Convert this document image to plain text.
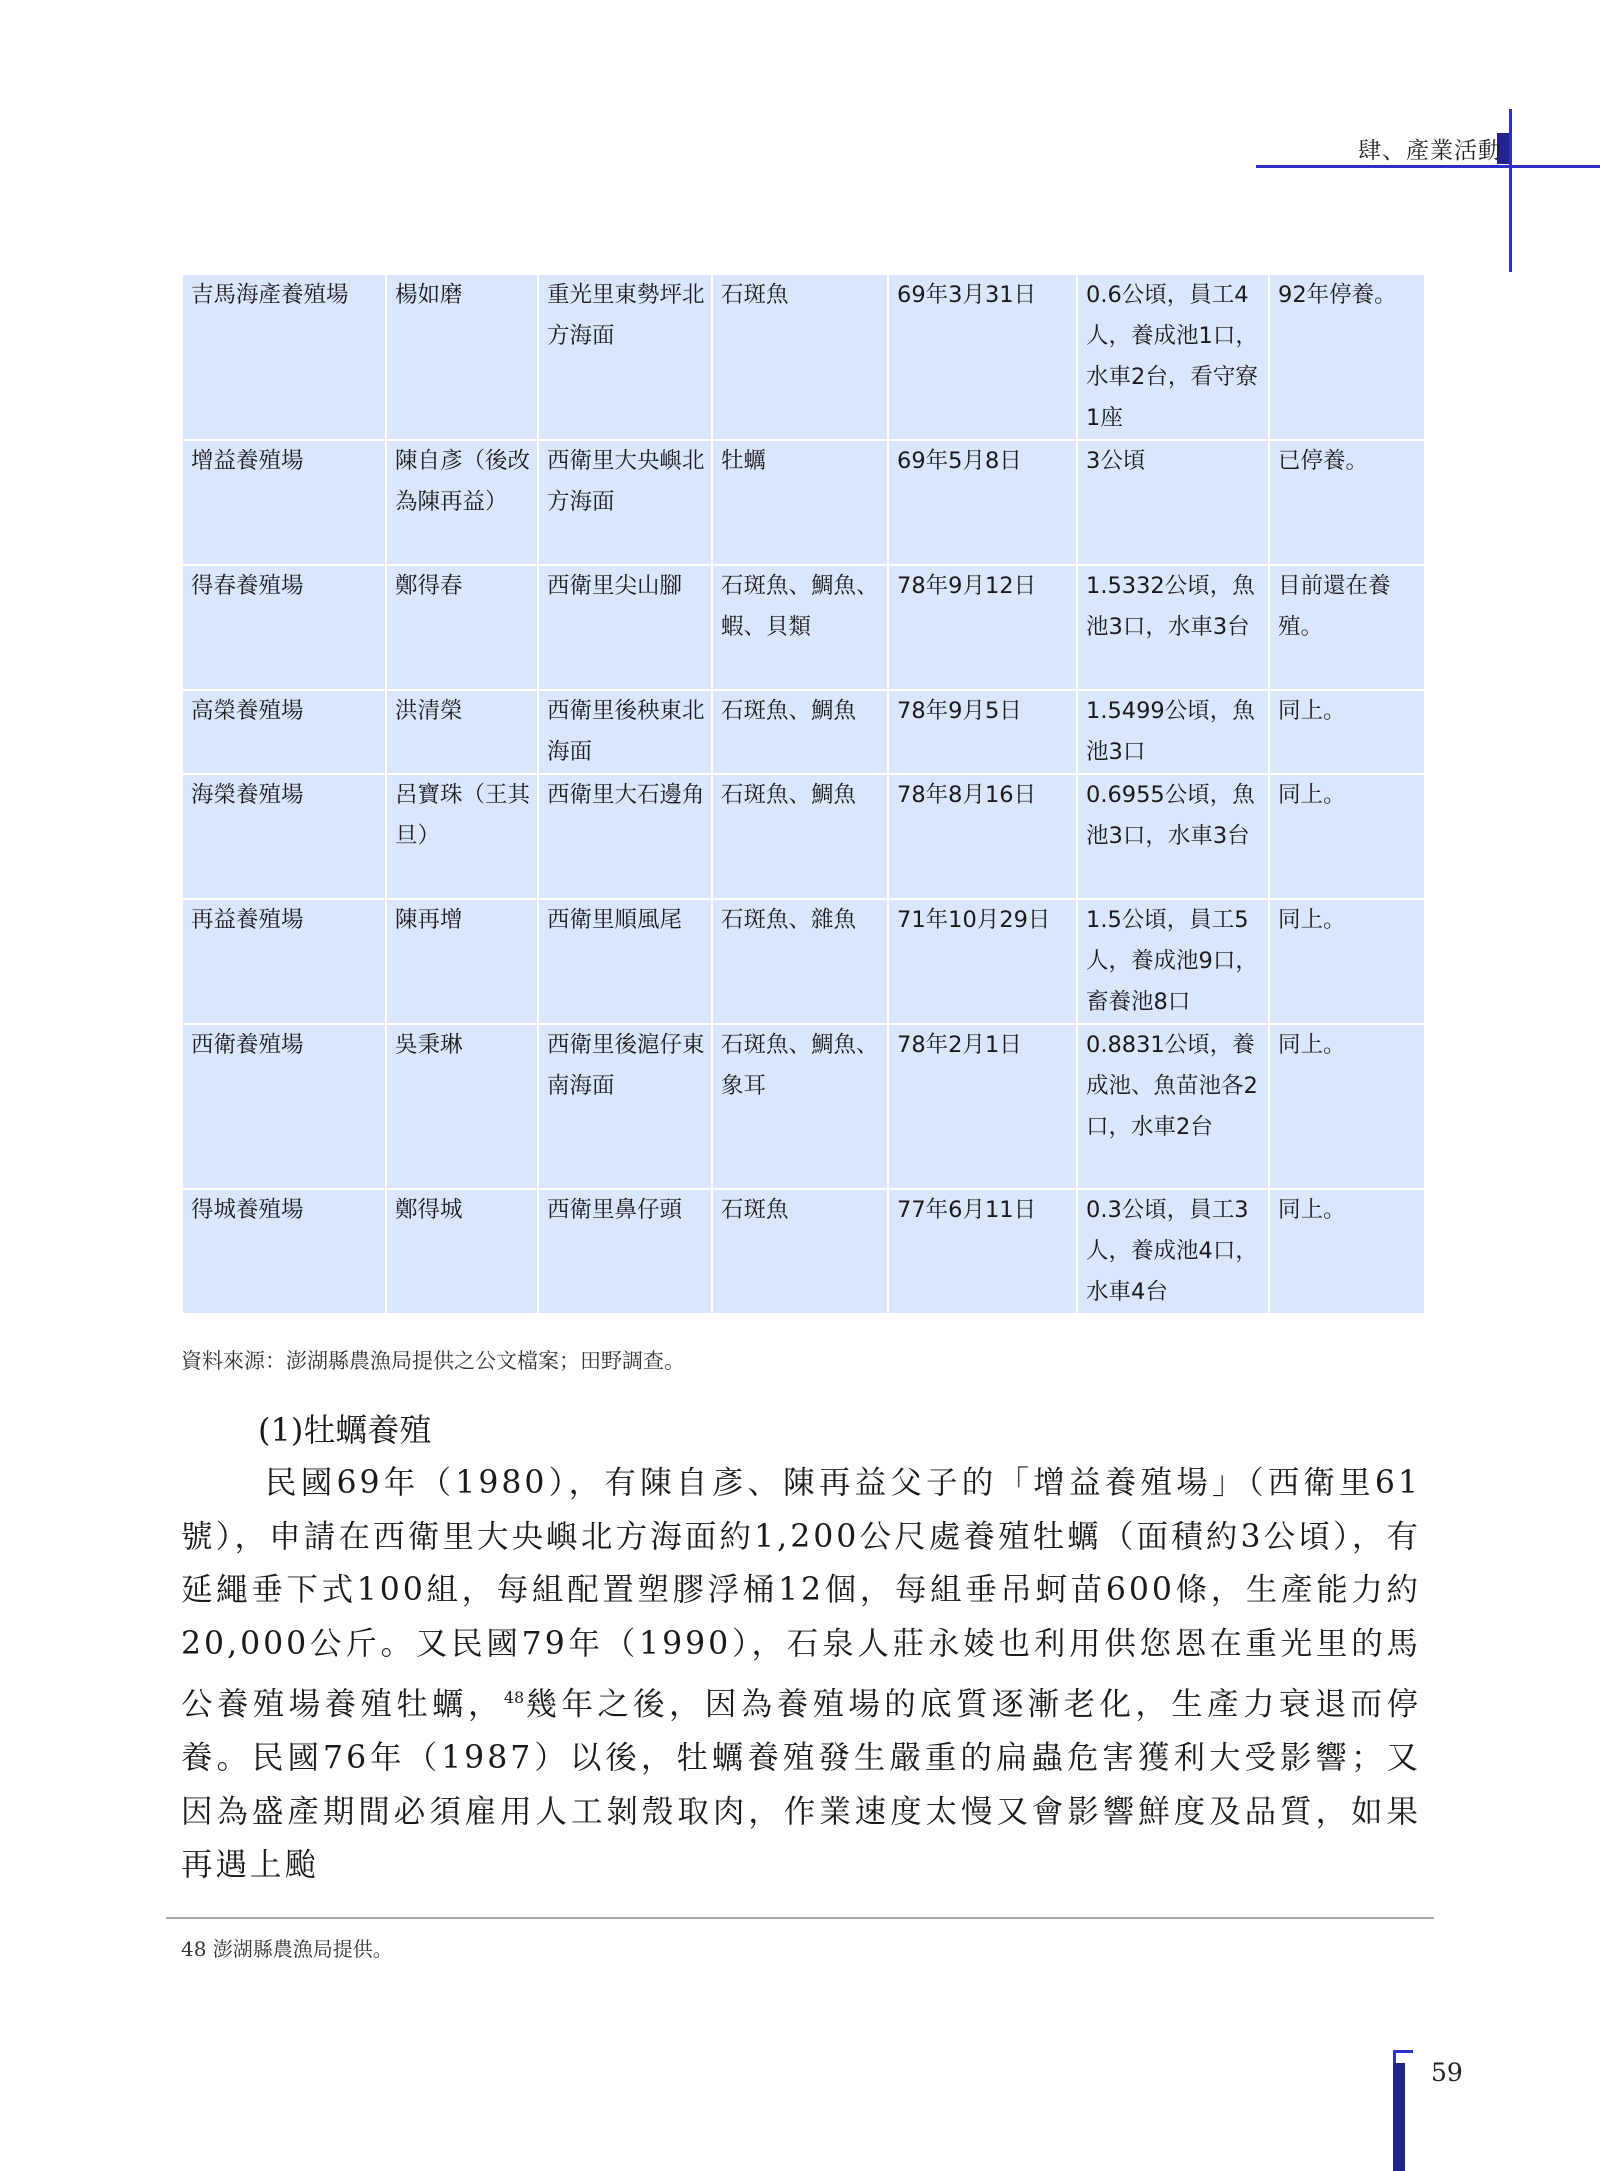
肆、產業活動
吉馬海產養殖場	楊如磨	重光里東勢坪北方海面	石斑魚	69年3月31日	0.6公頃，員工4人，養成池1口，水車2台，看守寮1座	92年停養。
增益養殖場	陳自彥（後改為陳再益）	西衛里大央嶼北方海面	牡蠣	69年5月8日	3公頃	已停養。
得春養殖場	鄭得春	西衛里尖山腳	石斑魚、鯛魚、蝦、貝類	78年9月12日	1.5332公頃，魚池3口，水車3台	目前還在養殖。
高榮養殖場	洪清榮	西衛里後秧東北海面	石斑魚、鯛魚	78年9月5日	1.5499公頃，魚池3口	同上。
海榮養殖場	呂寶珠（王其旦）	西衛里大石邊角	石斑魚、鯛魚	78年8月16日	0.6955公頃，魚池3口，水車3台	同上。
再益養殖場	陳再增	西衛里順風尾	石斑魚、雜魚	71年10月29日	1.5公頃，員工5人，養成池9口，畜養池8口	同上。
西衛養殖場	吳秉琳	西衛里後滬仔東南海面	石斑魚、鯛魚、象耳	78年2月1日	0.8831公頃，養成池、魚苗池各2口，水車2台	同上。
得城養殖場	鄭得城	西衛里鼻仔頭	石斑魚	77年6月11日	0.3公頃，員工3人，養成池4口，水車4台	同上。
資料來源：澎湖縣農漁局提供之公文檔案；田野調查。
(1)牡蠣養殖

民國69年（1980），有陳自彥、陳再益父子的「增益養殖場」（西衛里61號），申請在西衛里大央嶼北方海面約1,200公尺處養殖牡蠣（面積約3公頃），有延繩垂下式100組，每組配置塑膠浮桶12個，每組垂吊蚵苗600條，生產能力約20,000公斤。又民國79年（1990），石泉人莊永婈也利用供您恩在重光里的馬公養殖場養殖牡蠣，$^{48}$幾年之後，因為養殖場的底質逐漸老化，生產力衰退而停養。民國76年（1987）以後，牡蠣養殖發生嚴重的扁蟲危害獲利大受影響；又因為盛產期間必須雇用人工剝殼取肉，作業速度太慢又會影響鮮度及品質，如果再遇上颱

48 澎湖縣農漁局提供。
59
